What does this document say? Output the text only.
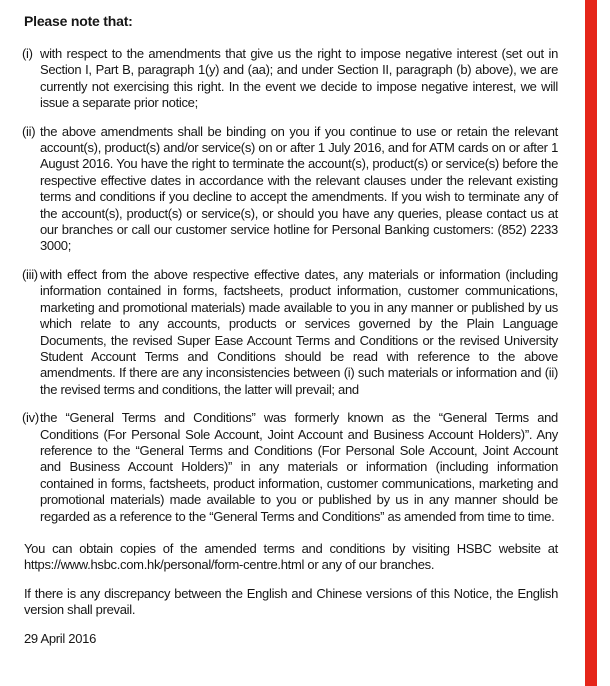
Please note that:
(i) with respect to the amendments that give us the right to impose negative interest (set out in Section I, Part B, paragraph 1(y) and (aa); and under Section II, paragraph (b) above), we are currently not exercising this right. In the event we decide to impose negative interest, we will issue a separate prior notice;
(ii) the above amendments shall be binding on you if you continue to use or retain the relevant account(s), product(s) and/or service(s) on or after 1 July 2016, and for ATM cards on or after 1 August 2016. You have the right to terminate the account(s), product(s) or service(s) before the respective effective dates in accordance with the relevant clauses under the relevant existing terms and conditions if you decline to accept the amendments. If you wish to terminate any of the account(s), product(s) or service(s), or should you have any queries, please contact us at our branches or call our customer service hotline for Personal Banking customers: (852) 2233 3000;
(iii) with effect from the above respective effective dates, any materials or information (including information contained in forms, factsheets, product information, customer communications, marketing and promotional materials) made available to you in any manner or published by us which relate to any accounts, products or services governed by the Plain Language Documents, the revised Super Ease Account Terms and Conditions or the revised University Student Account Terms and Conditions should be read with reference to the above amendments. If there are any inconsistencies between (i) such materials or information and (ii) the revised terms and conditions, the latter will prevail; and
(iv) the “General Terms and Conditions” was formerly known as the “General Terms and Conditions (For Personal Sole Account, Joint Account and Business Account Holders)”. Any reference to the “General Terms and Conditions (For Personal Sole Account, Joint Account and Business Account Holders)” in any materials or information (including information contained in forms, factsheets, product information, customer communications, marketing and promotional materials) made available to you or published by us in any manner should be regarded as a reference to the “General Terms and Conditions” as amended from time to time.

You can obtain copies of the amended terms and conditions by visiting HSBC website at https://www.hsbc.com.hk/personal/form-centre.html or any of our branches.

If there is any discrepancy between the English and Chinese versions of this Notice, the English version shall prevail.

29 April 2016
